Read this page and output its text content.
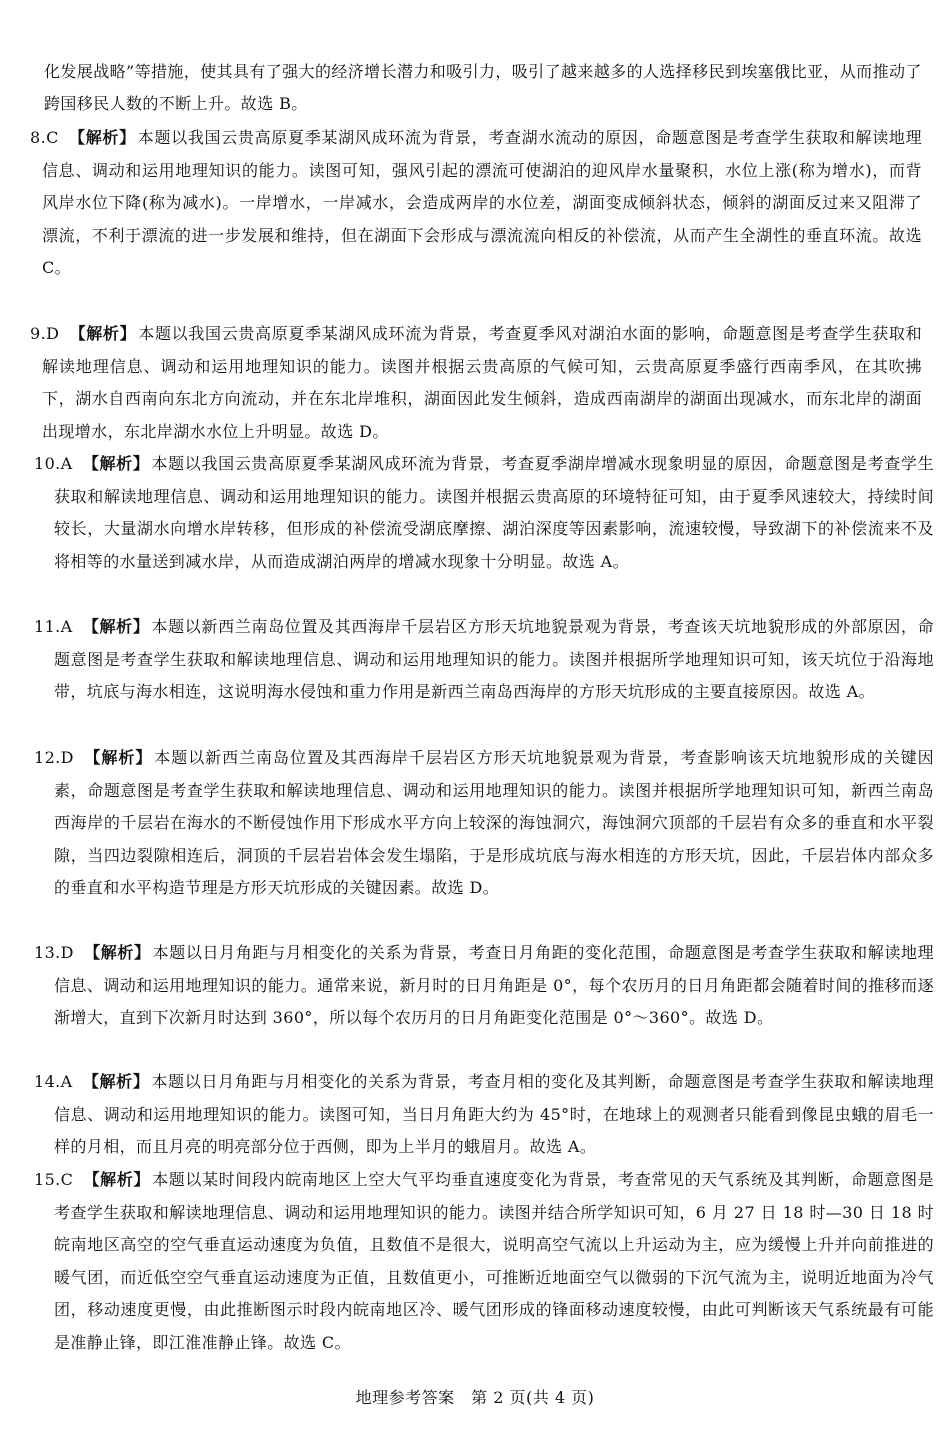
化发展战略”等措施，使其具有了强大的经济增长潜力和吸引力，吸引了越来越多的人选择移民到埃塞俄比亚，从而推动了跨国移民人数的不断上升。故选 B。
8.C 【解析】 本题以我国云贵高原夏季某湖风成环流为背景，考查湖水流动的原因，命题意图是考查学生获取和解读地理信息、调动和运用地理知识的能力。读图可知，强风引起的漂流可使湖泊的迎风岸水量聚积，水位上涨(称为增水)，而背风岸水位下降(称为减水)。一岸增水，一岸减水，会造成两岸的水位差，湖面变成倾斜状态，倾斜的湖面反过来又阻滞了漂流，不利于漂流的进一步发展和维持，但在湖面下会形成与漂流流向相反的补偿流，从而产生全湖性的垂直环流。故选 C。
9.D 【解析】 本题以我国云贵高原夏季某湖风成环流为背景，考查夏季风对湖泊水面的影响，命题意图是考查学生获取和解读地理信息、调动和运用地理知识的能力。读图并根据云贵高原的气候可知，云贵高原夏季盛行西南季风，在其吹拂下，湖水自西南向东北方向流动，并在东北岸堆积，湖面因此发生倾斜，造成西南湖岸的湖面出现减水，而东北岸的湖面出现增水，东北岸湖水水位上升明显。故选 D。
10.A 【解析】 本题以我国云贵高原夏季某湖风成环流为背景，考查夏季湖岸增减水现象明显的原因，命题意图是考查学生获取和解读地理信息、调动和运用地理知识的能力。读图并根据云贵高原的环境特征可知，由于夏季风速较大，持续时间较长，大量湖水向增水岸转移，但形成的补偿流受湖底摩擦、湖泊深度等因素影响，流速较慢，导致湖下的补偿流来不及将相等的水量送到减水岸，从而造成湖泊两岸的增减水现象十分明显。故选 A。
11.A 【解析】 本题以新西兰南岛位置及其西海岸千层岩区方形天坑地貌景观为背景，考查该天坑地貌形成的外部原因，命题意图是考查学生获取和解读地理信息、调动和运用地理知识的能力。读图并根据所学地理知识可知，该天坑位于沿海地带，坑底与海水相连，这说明海水侵蚀和重力作用是新西兰南岛西海岸的方形天坑形成的主要直接原因。故选 A。
12.D 【解析】 本题以新西兰南岛位置及其西海岸千层岩区方形天坑地貌景观为背景，考查影响该天坑地貌形成的关键因素，命题意图是考查学生获取和解读地理信息、调动和运用地理知识的能力。读图并根据所学地理知识可知，新西兰南岛西海岸的千层岩在海水的不断侵蚀作用下形成水平方向上较深的海蚀洞穴，海蚀洞穴顶部的千层岩有众多的垂直和水平裂隙，当四边裂隙相连后，洞顶的千层岩岩体会发生塌陷，于是形成坑底与海水相连的方形天坑，因此，千层岩体内部众多的垂直和水平构造节理是方形天坑形成的关键因素。故选 D。
13.D 【解析】 本题以日月角距与月相变化的关系为背景，考查日月角距的变化范围，命题意图是考查学生获取和解读地理信息、调动和运用地理知识的能力。通常来说，新月时的日月角距是 0°，每个农历月的日月角距都会随着时间的推移而逐渐增大，直到下次新月时达到 360°，所以每个农历月的日月角距变化范围是 0°～360°。故选 D。
14.A 【解析】 本题以日月角距与月相变化的关系为背景，考查月相的变化及其判断，命题意图是考查学生获取和解读地理信息、调动和运用地理知识的能力。读图可知，当日月角距大约为 45°时，在地球上的观测者只能看到像昆虫蛾的眉毛一样的月相，而且月亮的明亮部分位于西侧，即为上半月的蛾眉月。故选 A。
15.C 【解析】 本题以某时间段内皖南地区上空大气平均垂直速度变化为背景，考查常见的天气系统及其判断，命题意图是考查学生获取和解读地理信息、调动和运用地理知识的能力。读图并结合所学知识可知，6 月 27 日 18 时—30 日 18 时皖南地区高空的空气垂直运动速度为负值，且数值不是很大，说明高空气流以上升运动为主，应为缓慢上升并向前推进的暖气团，而近低空空气垂直运动速度为正值，且数值更小，可推断近地面空气以微弱的下沉气流为主，说明近地面为冷气团，移动速度更慢，由此推断图示时段内皖南地区冷、暖气团形成的锋面移动速度较慢，由此可判断该天气系统最有可能是准静止锋，即江淮准静止锋。故选 C。
地理参考答案　第 2 页(共 4 页)
